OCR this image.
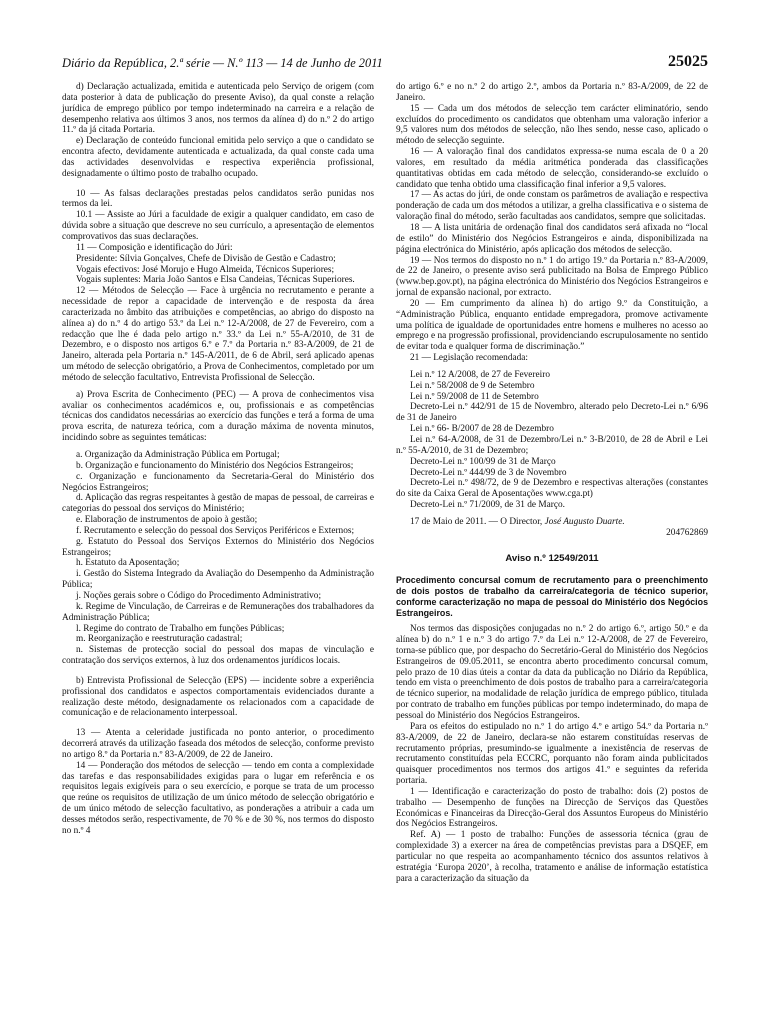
Diário da República, 2.ª série — N.º 113 — 14 de Junho de 2011	25025

d) Declaração actualizada, emitida e autenticada pelo Serviço de origem (com data posterior à data de publicação do presente Aviso), da qual conste a relação jurídica de emprego público por tempo indeterminado na carreira e a relação de desempenho relativa aos últimos 3 anos, nos termos da alínea d) do n.º 2 do artigo 11.º da já citada Portaria.

e) Declaração de conteúdo funcional emitida pelo serviço a que o candidato se encontra afecto, devidamente autenticada e actualizada, da qual conste cada uma das actividades desenvolvidas e respectiva experiência profissional, designadamente o último posto de trabalho ocupado.

10 — As falsas declarações prestadas pelos candidatos serão punidas nos termos da lei.

10.1 — Assiste ao Júri a faculdade de exigir a qualquer candidato, em caso de dúvida sobre a situação que descreve no seu currículo, a apresentação de elementos comprovativos das suas declarações.

11 — Composição e identificação do Júri:

Presidente: Sílvia Gonçalves, Chefe de Divisão de Gestão e Cadastro;

Vogais efectivos: José Morujo e Hugo Almeida, Técnicos Superiores;

Vogais suplentes: Maria João Santos e Elsa Candeias, Técnicas Superiores.

12 — Métodos de Selecção — Face à urgência no recrutamento e perante a necessidade de repor a capacidade de intervenção e de resposta da área caracterizada no âmbito das atribuições e competências, ao abrigo do disposto na alínea a) do n.º 4 do artigo 53.º da Lei n.º 12-A/2008, de 27 de Fevereiro, com a redacção que lhe é dada pelo artigo n.º 33.º da Lei n.º 55-A/2010, de 31 de Dezembro, e o disposto nos artigos 6.º e 7.º da Portaria n.º 83-A/2009, de 21 de Janeiro, alterada pela Portaria n.º 145-A/2011, de 6 de Abril, será aplicado apenas um método de selecção obrigatório, a Prova de Conhecimentos, completado por um método de selecção facultativo, Entrevista Profissional de Selecção.

a) Prova Escrita de Conhecimento (PEC) — A prova de conhecimentos visa avaliar os conhecimentos académicos e, ou, profissionais e as competências técnicas dos candidatos necessárias ao exercício das funções e terá a forma de uma prova escrita, de natureza teórica, com a duração máxima de noventa minutos, incidindo sobre as seguintes temáticas:

a. Organização da Administração Pública em Portugal;

b. Organização e funcionamento do Ministério dos Negócios Estrangeiros;

c. Organização e funcionamento da Secretaria-Geral do Ministério dos Negócios Estrangeiros;

d. Aplicação das regras respeitantes à gestão de mapas de pessoal, de carreiras e categorias do pessoal dos serviços do Ministério;

e. Elaboração de instrumentos de apoio à gestão;

f. Recrutamento e selecção do pessoal dos Serviços Periféricos e Externos;

g. Estatuto do Pessoal dos Serviços Externos do Ministério dos Negócios Estrangeiros;

h. Estatuto da Aposentação;

i. Gestão do Sistema Integrado da Avaliação do Desempenho da Administração Pública;

j. Noções gerais sobre o Código do Procedimento Administrativo;

k. Regime de Vinculação, de Carreiras e de Remunerações dos trabalhadores da Administração Pública;

l. Regime do contrato de Trabalho em funções Públicas;

m. Reorganização e reestruturação cadastral;

n. Sistemas de protecção social do pessoal dos mapas de vinculação e contratação dos serviços externos, à luz dos ordenamentos jurídicos locais.

b) Entrevista Profissional de Selecção (EPS) — incidente sobre a experiência profissional dos candidatos e aspectos comportamentais evidenciados durante a realização deste método, designadamente os relacionados com a capacidade de comunicação e de relacionamento interpessoal.

13 — Atenta a celeridade justificada no ponto anterior, o procedimento decorrerá através da utilização faseada dos métodos de selecção, conforme previsto no artigo 8.º da Portaria n.º 83-A/2009, de 22 de Janeiro.

14 — Ponderação dos métodos de selecção — tendo em conta a complexidade das tarefas e das responsabilidades exigidas para o lugar em referência e os requisitos legais exigíveis para o seu exercício, e porque se trata de um processo que reúne os requisitos de utilização de um único método de selecção obrigatório e de um único método de selecção facultativo, as ponderações a atribuir a cada um desses métodos serão, respectivamente, de 70 % e de 30 %, nos termos do disposto no n.º 4

do artigo 6.º e no n.º 2 do artigo 2.º, ambos da Portaria n.º 83-A/2009, de 22 de Janeiro.

15 — Cada um dos métodos de selecção tem carácter eliminatório, sendo excluídos do procedimento os candidatos que obtenham uma valoração inferior a 9,5 valores num dos métodos de selecção, não lhes sendo, nesse caso, aplicado o método de selecção seguinte.

16 — A valoração final dos candidatos expressa-se numa escala de 0 a 20 valores, em resultado da média aritmética ponderada das classificações quantitativas obtidas em cada método de selecção, considerando-se excluído o candidato que tenha obtido uma classificação final inferior a 9,5 valores.

17 — As actas do júri, de onde constam os parâmetros de avaliação e respectiva ponderação de cada um dos métodos a utilizar, a grelha classificativa e o sistema de valoração final do método, serão facultadas aos candidatos, sempre que solicitadas.

18 — A lista unitária de ordenação final dos candidatos será afixada no “local de estilo” do Ministério dos Negócios Estrangeiros e ainda, disponibilizada na página electrónica do Ministério, após aplicação dos métodos de selecção.

19 — Nos termos do disposto no n.º 1 do artigo 19.º da Portaria n.º 83-A/2009, de 22 de Janeiro, o presente aviso será publicitado na Bolsa de Emprego Público (www.bep.gov.pt), na página electrónica do Ministério dos Negócios Estrangeiros e jornal de expansão nacional, por extracto.

20 — Em cumprimento da alínea h) do artigo 9.º da Constituição, a “Administração Pública, enquanto entidade empregadora, promove activamente uma política de igualdade de oportunidades entre homens e mulheres no acesso ao emprego e na progressão profissional, providenciando escrupulosamente no sentido de evitar toda e qualquer forma de discriminação.”

21 — Legislação recomendada:

Lei n.º 12 A/2008, de 27 de Fevereiro

Lei n.º 58/2008 de 9 de Setembro

Lei n.º 59/2008 de 11 de Setembro

Decreto-Lei n.º 442/91 de 15 de Novembro, alterado pelo Decreto-Lei n.º 6/96 de 31 de Janeiro

Lei n.º 66- B/2007 de 28 de Dezembro

Lei n.º 64-A/2008, de 31 de Dezembro/Lei n.º 3-B/2010, de 28 de Abril e Lei n.º 55-A/2010, de 31 de Dezembro;

Decreto-Lei n.º 100/99 de 31 de Março

Decreto-Lei n.º 444/99 de 3 de Novembro

Decreto-Lei n.º 498/72, de 9 de Dezembro e respectivas alterações (constantes do site da Caixa Geral de Aposentações www.cga.pt)

Decreto-Lei n.º 71/2009, de 31 de Março.

17 de Maio de 2011. — O Director, José Augusto Duarte.

204762869

Aviso n.º 12549/2011

Procedimento concursal comum de recrutamento para o preenchimento de dois postos de trabalho da carreira/categoria de técnico superior, conforme caracterização no mapa de pessoal do Ministério dos Negócios Estrangeiros.

Nos termos das disposições conjugadas no n.º 2 do artigo 6.º, artigo 50.º e da alínea b) do n.º 1 e n.º 3 do artigo 7.º da Lei n.º 12-A/2008, de 27 de Fevereiro, torna-se público que, por despacho do Secretário-Geral do Ministério dos Negócios Estrangeiros de 09.05.2011, se encontra aberto procedimento concursal comum, pelo prazo de 10 dias úteis a contar da data da publicação no Diário da República, tendo em vista o preenchimento de dois postos de trabalho para a carreira/categoria de técnico superior, na modalidade de relação jurídica de emprego público, titulada por contrato de trabalho em funções públicas por tempo indeterminado, do mapa de pessoal do Ministério dos Negócios Estrangeiros.

Para os efeitos do estipulado no n.º 1 do artigo 4.º e artigo 54.º da Portaria n.º 83-A/2009, de 22 de Janeiro, declara-se não estarem constituídas reservas de recrutamento próprias, presumindo-se igualmente a inexistência de reservas de recrutamento constituídas pela ECCRC, porquanto não foram ainda publicitados quaisquer procedimentos nos termos dos artigos 41.º e seguintes da referida portaria.

1 — Identificação e caracterização do posto de trabalho: dois (2) postos de trabalho — Desempenho de funções na Direcção de Serviços das Questões Económicas e Financeiras da Direcção-Geral dos Assuntos Europeus do Ministério dos Negócios Estrangeiros.

Ref. A) — 1 posto de trabalho: Funções de assessoria técnica (grau de complexidade 3) a exercer na área de competências previstas para a DSQEF, em particular no que respeita ao acompanhamento técnico dos assuntos relativos à estratégia ‘Europa 2020’, à recolha, tratamento e análise de informação estatística para a caracterização da situação da
